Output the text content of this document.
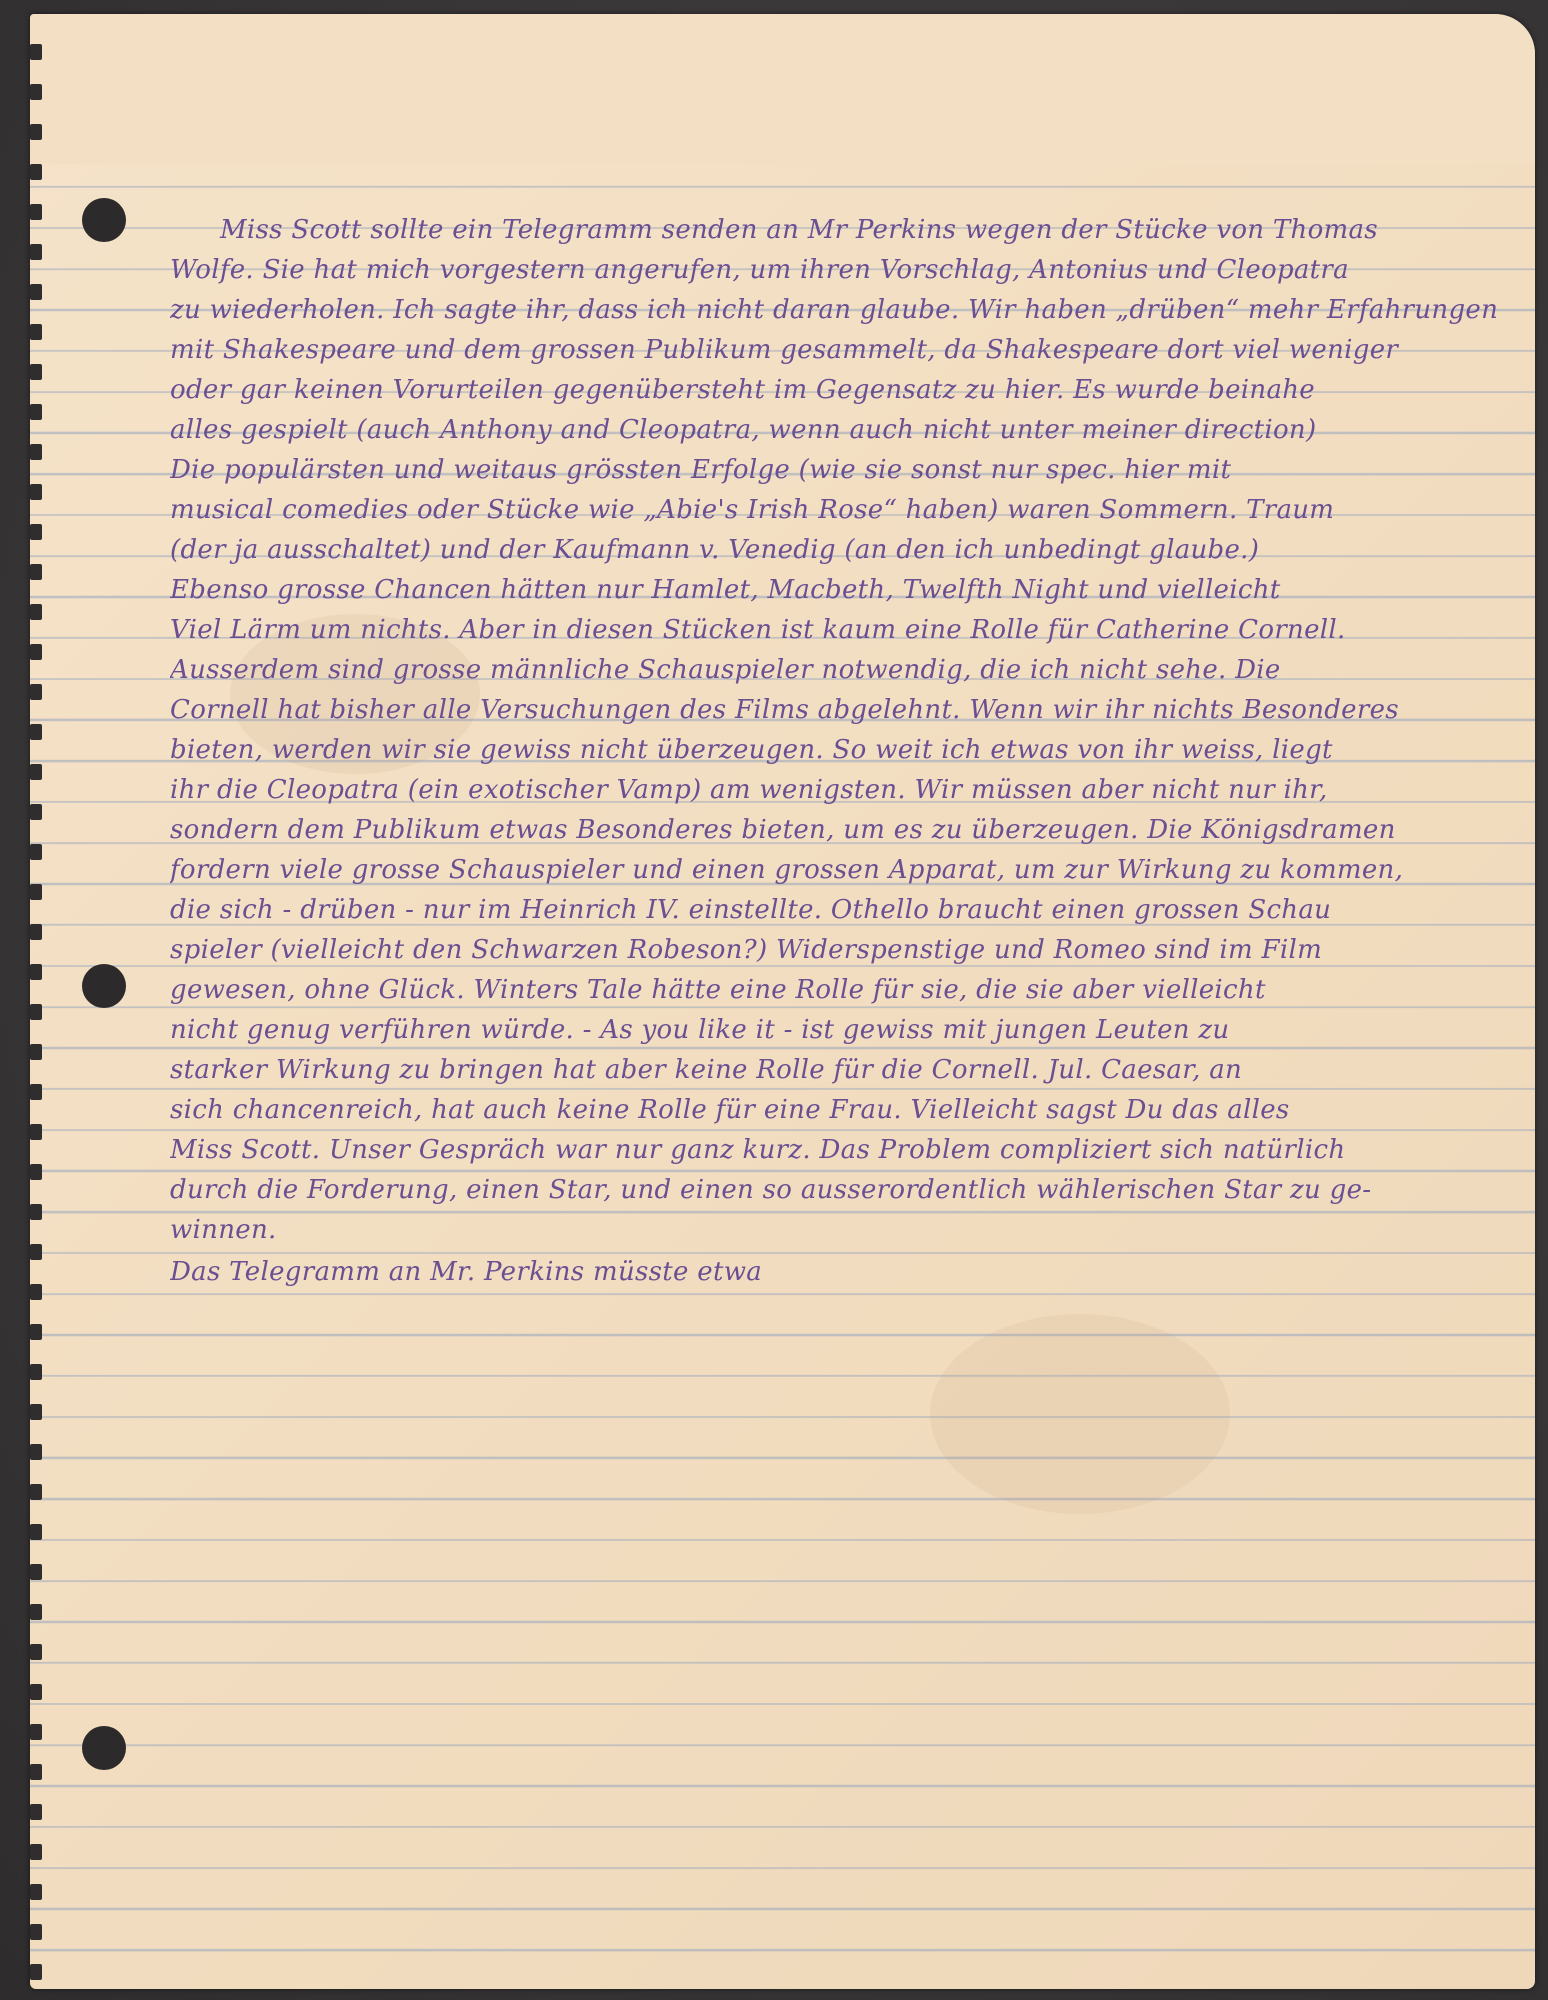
Miss Scott sollte ein Telegramm senden an Mr Perkins wegen der Stücke von Thomas
Wolfe. Sie hat mich vorgestern angerufen, um ihren Vorschlag, Antonius und Cleopatra
zu wiederholen. Ich sagte ihr, dass ich nicht daran glaube. Wir haben „drüben“ mehr Erfahrungen
mit Shakespeare und dem grossen Publikum gesammelt, da Shakespeare dort viel weniger
oder gar keinen Vorurteilen gegenübersteht im Gegensatz zu hier. Es wurde beinahe
alles gespielt (auch Anthony and Cleopatra, wenn auch nicht unter meiner direction)
Die populärsten und weitaus grössten Erfolge (wie sie sonst nur spec. hier mit
musical comedies oder Stücke wie „Abie's Irish Rose“ haben) waren Sommern. Traum
(der ja ausschaltet) und der Kaufmann v. Venedig (an den ich unbedingt glaube.)
Ebenso grosse Chancen hätten nur Hamlet, Macbeth, Twelfth Night und vielleicht
Viel Lärm um nichts. Aber in diesen Stücken ist kaum eine Rolle für Catherine Cornell.
Ausserdem sind grosse männliche Schauspieler notwendig, die ich nicht sehe. Die
Cornell hat bisher alle Versuchungen des Films abgelehnt. Wenn wir ihr nichts Besonderes
bieten, werden wir sie gewiss nicht überzeugen. So weit ich etwas von ihr weiss, liegt
ihr die Cleopatra (ein exotischer Vamp) am wenigsten. Wir müssen aber nicht nur ihr,
sondern dem Publikum etwas Besonderes bieten, um es zu überzeugen. Die Königsdramen
fordern viele grosse Schauspieler und einen grossen Apparat, um zur Wirkung zu kommen,
die sich - drüben - nur im Heinrich IV. einstellte. Othello braucht einen grossen Schau
spieler (vielleicht den Schwarzen Robeson?) Widerspenstige und Romeo sind im Film
gewesen, ohne Glück. Winters Tale hätte eine Rolle für sie, die sie aber vielleicht
nicht genug verführen würde. - As you like it - ist gewiss mit jungen Leuten zu
starker Wirkung zu bringen hat aber keine Rolle für die Cornell. Jul. Caesar, an
sich chancenreich, hat auch keine Rolle für eine Frau. Vielleicht sagst Du das alles
Miss Scott. Unser Gespräch war nur ganz kurz. Das Problem compliziert sich natürlich
durch die Forderung, einen Star, und einen so ausserordentlich wählerischen Star zu ge-
winnen.
Das Telegramm an Mr. Perkins müsste etwa
